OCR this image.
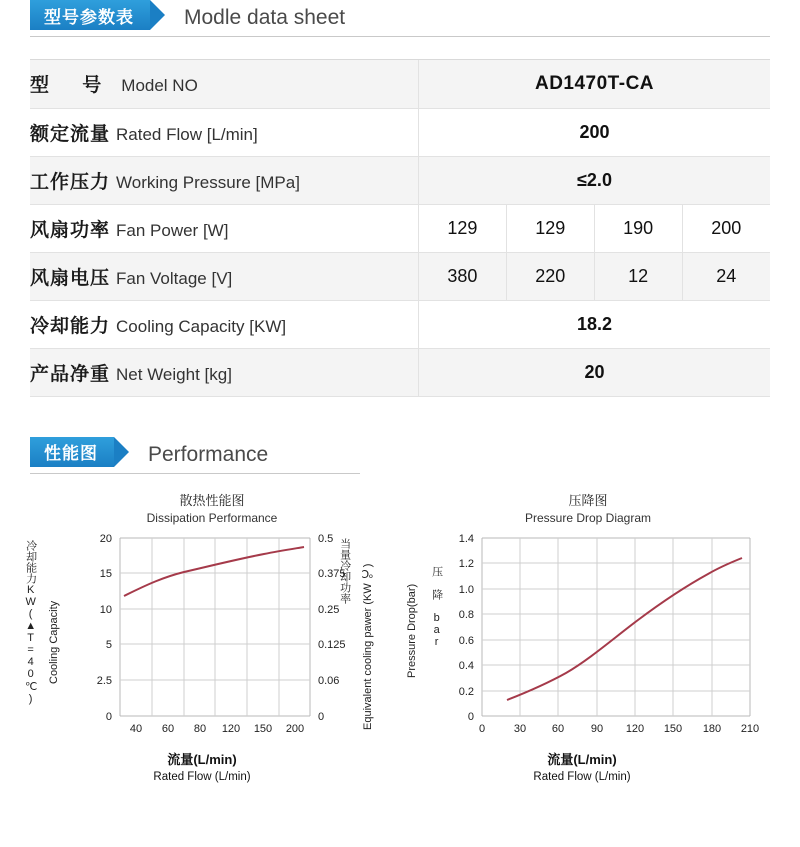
型号参数表 Modle data sheet
型 号 Model NO	AD1470T-CA			
额定流量 Rated Flow [L/min]	200			
工作压力 Working Pressure [MPa]	≤2.0			
风扇功率 Fan Power [W]	129	129	190	200
风扇电压 Fan Voltage [V]	380	220	12	24
冷却能力 Cooling Capacity [KW]	18.2			
产品净重 Net Weight [kg]	20			
性能图 Performance
散热性能图
Dissipation Performance
冷却能力KW(▲T=40℃) Cooling Capacity
当量冷却功率 Equivalent cooling pawer (KW ℃)
0
2.5
5
10
15
20
0
0.06
0.125
0.25
0.375
0.5
40 60 80 120 150 200
流量(L/min)
Rated Flow (L/min)
压降图
Pressure Drop Diagram
Pressure Drop(bar) 压 降 bar
0
0.2
0.4
0.6
0.8
1.0
1.2
1.4
0	30 60 90 120 150 180 210
流量(L/min)
Rated Flow (L/min)
